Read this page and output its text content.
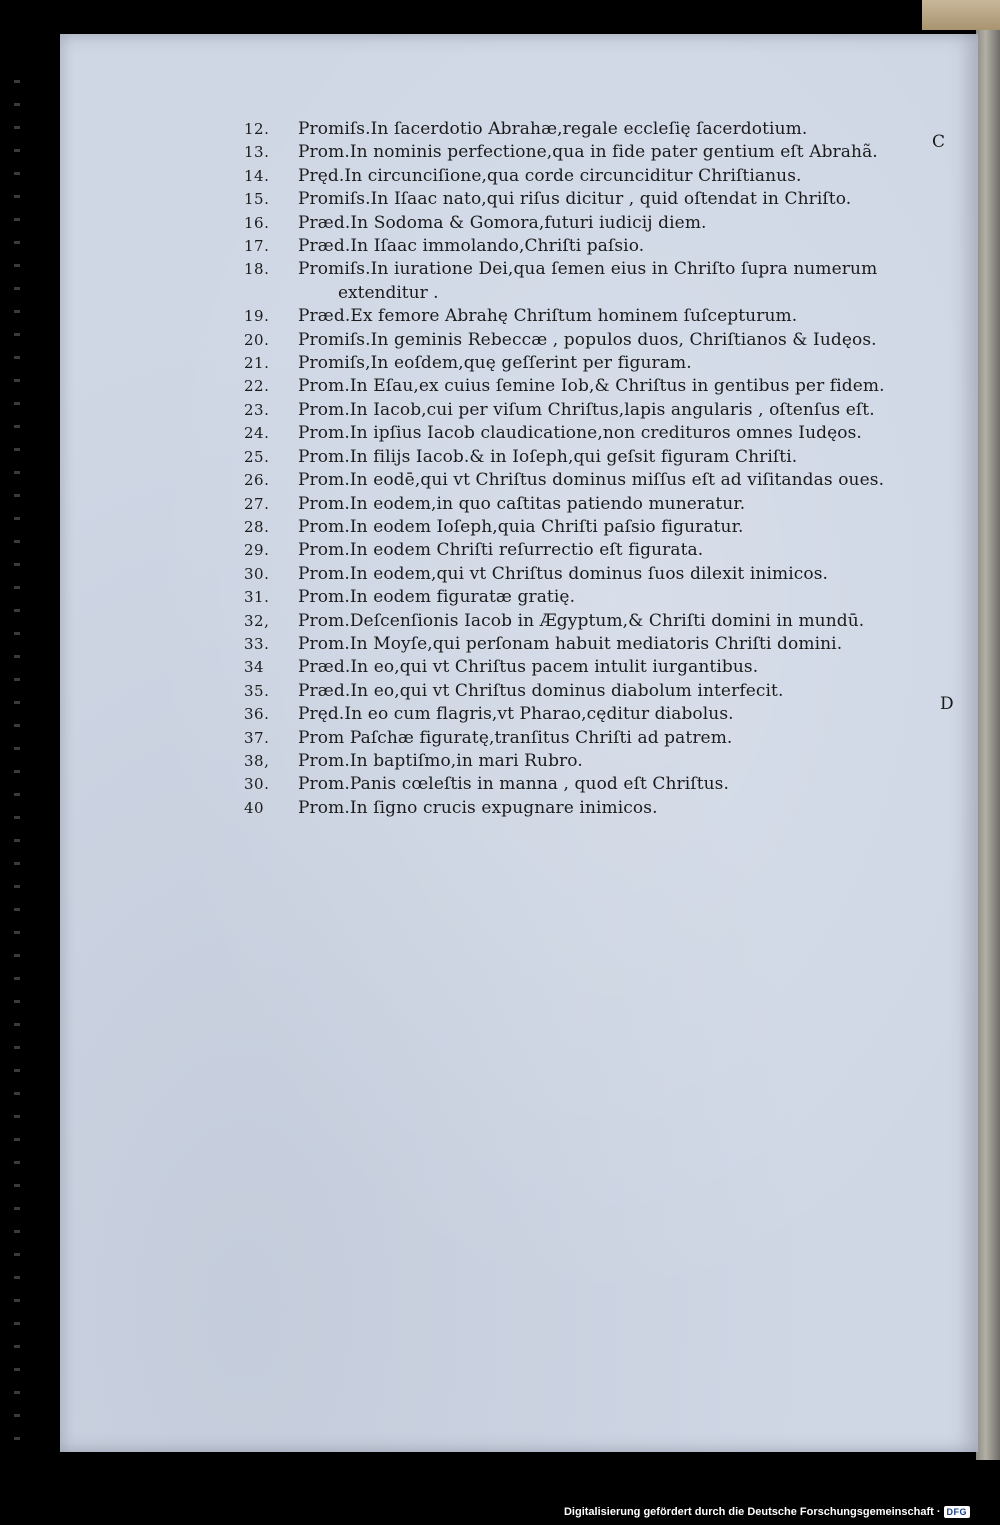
C
D
12.	Promiſs.In ſacerdotio Abrahæ,regale eccleſię ſacerdotium.
13.	Prom.In nominis perfectione,qua in fide pater gentium eſt Abrahã.
14.	Pręd.In circunciſione,qua corde circunciditur Chriſtianus.
15.	Promiſs.In Iſaac nato,qui riſus dicitur , quid oſtendat in Chriſto.
16.	Præd.In Sodoma & Gomora,futuri iudicij diem.
17.	Præd.In Iſaac immolando,Chriſti paſsio.
18.	Promiſs.In iuratione Dei,qua ſemen eius in Chriſto ſupra numerum
extenditur .
19.	Præd.Ex femore Abrahę Chriſtum hominem ſuſcepturum.
20.	Promiſs.In geminis Rebeccæ , populos duos, Chriſtianos & Iudęos.
21.	Promiſs,In eoſdem,quę geſſerint per figuram.
22.	Prom.In Eſau,ex cuius ſemine Iob,& Chriſtus in gentibus per fidem.
23.	Prom.In Iacob,cui per viſum Chriſtus,lapis angularis , oſtenſus eſt.
24.	Prom.In ipſius Iacob claudicatione,non credituros omnes Iudęos.
25.	Prom.In filijs Iacob.& in Ioſeph,qui geſsit figuram Chriſti.
26.	Prom.In eodē,qui vt Chriſtus dominus miſſus eſt ad viſitandas oues.
27.	Prom.In eodem,in quo caſtitas patiendo muneratur.
28.	Prom.In eodem Ioſeph,quia Chriſti paſsio figuratur.
29.	Prom.In eodem Chriſti reſurrectio eſt figurata.
30.	Prom.In eodem,qui vt Chriſtus dominus ſuos dilexit inimicos.
31.	Prom.In eodem figuratæ gratię.
32,	Prom.Deſcenſionis Iacob in Ægyptum,& Chriſti domini in mundū.
33.	Prom.In Moyſe,qui perſonam habuit mediatoris Chriſti domini.
34	Præd.In eo,qui vt Chriſtus pacem intulit iurgantibus.
35.	Præd.In eo,qui vt Chriſtus dominus diabolum interfecit.
36.	Pręd.In eo cum flagris,vt Pharao,cęditur diabolus.
37.	Prom Paſchæ figuratę,tranſitus Chriſti ad patrem.
38,	Prom.In baptiſmo,in mari Rubro.
30.	Prom.Panis cœleſtis in manna , quod eſt Chriſtus.
40	Prom.In ſigno crucis expugnare inimicos.
Digitalisierung gefördert durch die Deutsche Forschungsgemeinschaft · DFG
